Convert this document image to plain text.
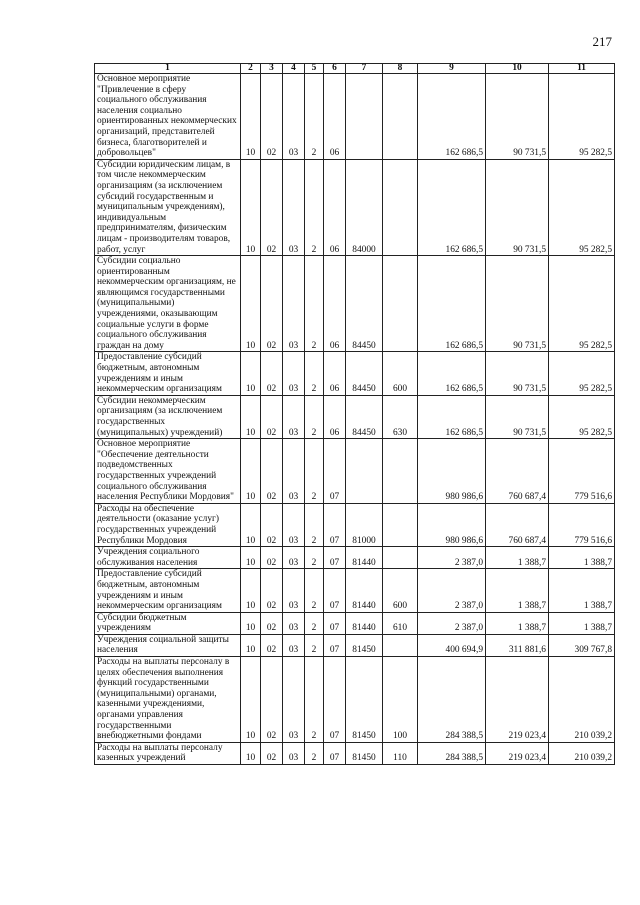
217
1	2	3	4	5	6	7	8	9	10	11
Основное мероприятие "Привлечение в сферу социального обслуживания населения социально ориентированных некоммерческих организаций, представителей бизнеса, благотворителей и добровольцев"	10	02	03	2	06			162 686,5	90 731,5	95 282,5
Субсидии юридическим лицам, в том числе некоммерческим организациям (за исключением субсидий государственным и муниципальным учреждениям), индивидуальным предпринимателям, физическим лицам - производителям товаров, работ, услуг	10	02	03	2	06	84000		162 686,5	90 731,5	95 282,5
Субсидии социально ориентированным некоммерческим организациям, не являющимся государственными (муниципальными) учреждениями, оказывающим социальные услуги в форме социального обслуживания граждан на дому	10	02	03	2	06	84450		162 686,5	90 731,5	95 282,5
Предоставление субсидий бюджетным, автономным учреждениям и иным некоммерческим организациям	10	02	03	2	06	84450	600	162 686,5	90 731,5	95 282,5
Субсидии некоммерческим организациям (за исключением государственных (муниципальных) учреждений)	10	02	03	2	06	84450	630	162 686,5	90 731,5	95 282,5
Основное мероприятие "Обеспечение деятельности подведомственных государственных учреждений социального обслуживания населения Республики Мордовия"	10	02	03	2	07			980 986,6	760 687,4	779 516,6
Расходы на обеспечение деятельности (оказание услуг) государственных учреждений Республики Мордовия	10	02	03	2	07	81000		980 986,6	760 687,4	779 516,6
Учреждения социального обслуживания населения	10	02	03	2	07	81440		2 387,0	1 388,7	1 388,7
Предоставление субсидий бюджетным, автономным учреждениям и иным некоммерческим организациям	10	02	03	2	07	81440	600	2 387,0	1 388,7	1 388,7
Субсидии бюджетным учреждениям	10	02	03	2	07	81440	610	2 387,0	1 388,7	1 388,7
Учреждения социальной защиты населения	10	02	03	2	07	81450		400 694,9	311 881,6	309 767,8
Расходы на выплаты персоналу в целях обеспечения выполнения функций государственными (муниципальными) органами, казенными учреждениями, органами управления государственными внебюджетными фондами	10	02	03	2	07	81450	100	284 388,5	219 023,4	210 039,2
Расходы на выплаты персоналу казенных учреждений	10	02	03	2	07	81450	110	284 388,5	219 023,4	210 039,2
